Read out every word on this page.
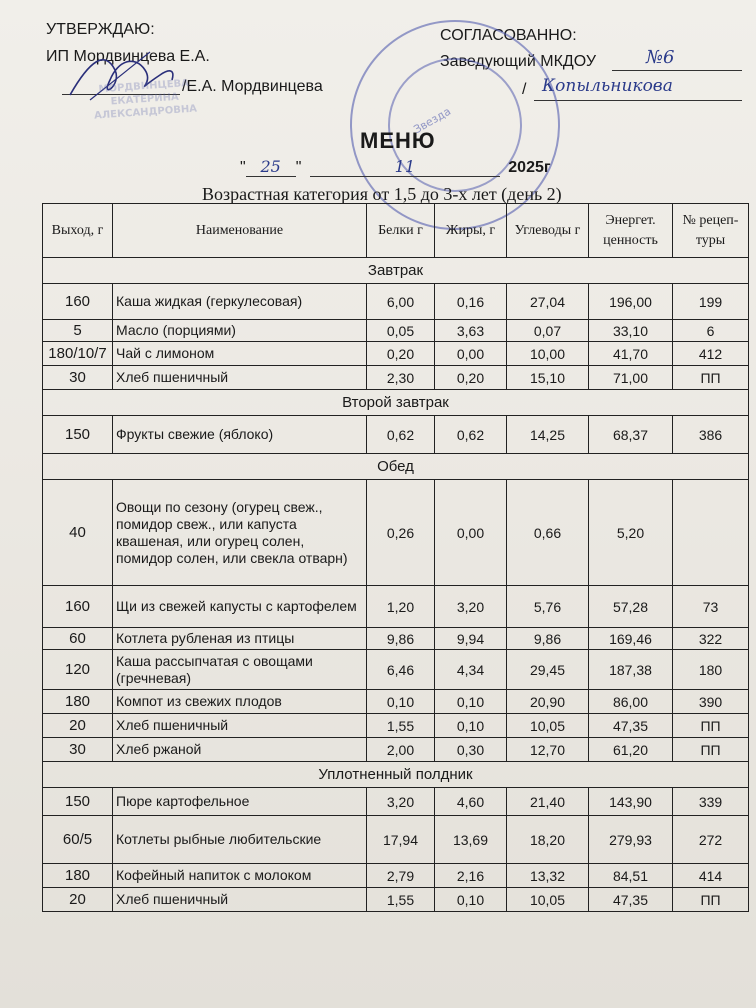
УТВЕРЖДАЮ:
ИП Мордвинцева Е.А.
/Е.А. Мордвинцева
МОРДВИНЦЕВА ЕКАТЕРИНА АЛЕКСАНДРОВНА
СОГЛАСОВАННО:
Заведующий МКДОУ	№6
/ Копыльникова
Звезда
МЕНЮ
" 25 "	11	2025г
Возрастная категория от 1,5 до 3-х лет (день 2)
Выход, г	Наименование	Белки г	Жиры, г	Углеводы г	Энергет. ценность	№ рецеп-туры
Завтрак						
160	Каша жидкая (геркулесовая)	6,00	0,16	27,04	196,00	199
5	Масло (порциями)	0,05	3,63	0,07	33,10	6
180/10/7	Чай с лимоном	0,20	0,00	10,00	41,70	412
30	Хлеб пшеничный	2,30	0,20	15,10	71,00	ПП
Второй завтрак						
150	Фрукты свежие (яблоко)	0,62	0,62	14,25	68,37	386
Обед						
40	Овощи по сезону (огурец свеж., помидор свеж., или капуста квашеная, или огурец солен, помидор солен, или свекла отварн)	0,26	0,00	0,66	5,20	
160	Щи из свежей капусты с картофелем	1,20	3,20	5,76	57,28	73
60	Котлета рубленая из птицы	9,86	9,94	9,86	169,46	322
120	Каша рассыпчатая с овощами (гречневая)	6,46	4,34	29,45	187,38	180
180	Компот из свежих плодов	0,10	0,10	20,90	86,00	390
20	Хлеб пшеничный	1,55	0,10	10,05	47,35	ПП
30	Хлеб ржаной	2,00	0,30	12,70	61,20	ПП
Уплотненный полдник						
150	Пюре картофельное	3,20	4,60	21,40	143,90	339
60/5	Котлеты рыбные любительские	17,94	13,69	18,20	279,93	272
180	Кофейный напиток с молоком	2,79	2,16	13,32	84,51	414
20	Хлеб пшеничный	1,55	0,10	10,05	47,35	ПП
